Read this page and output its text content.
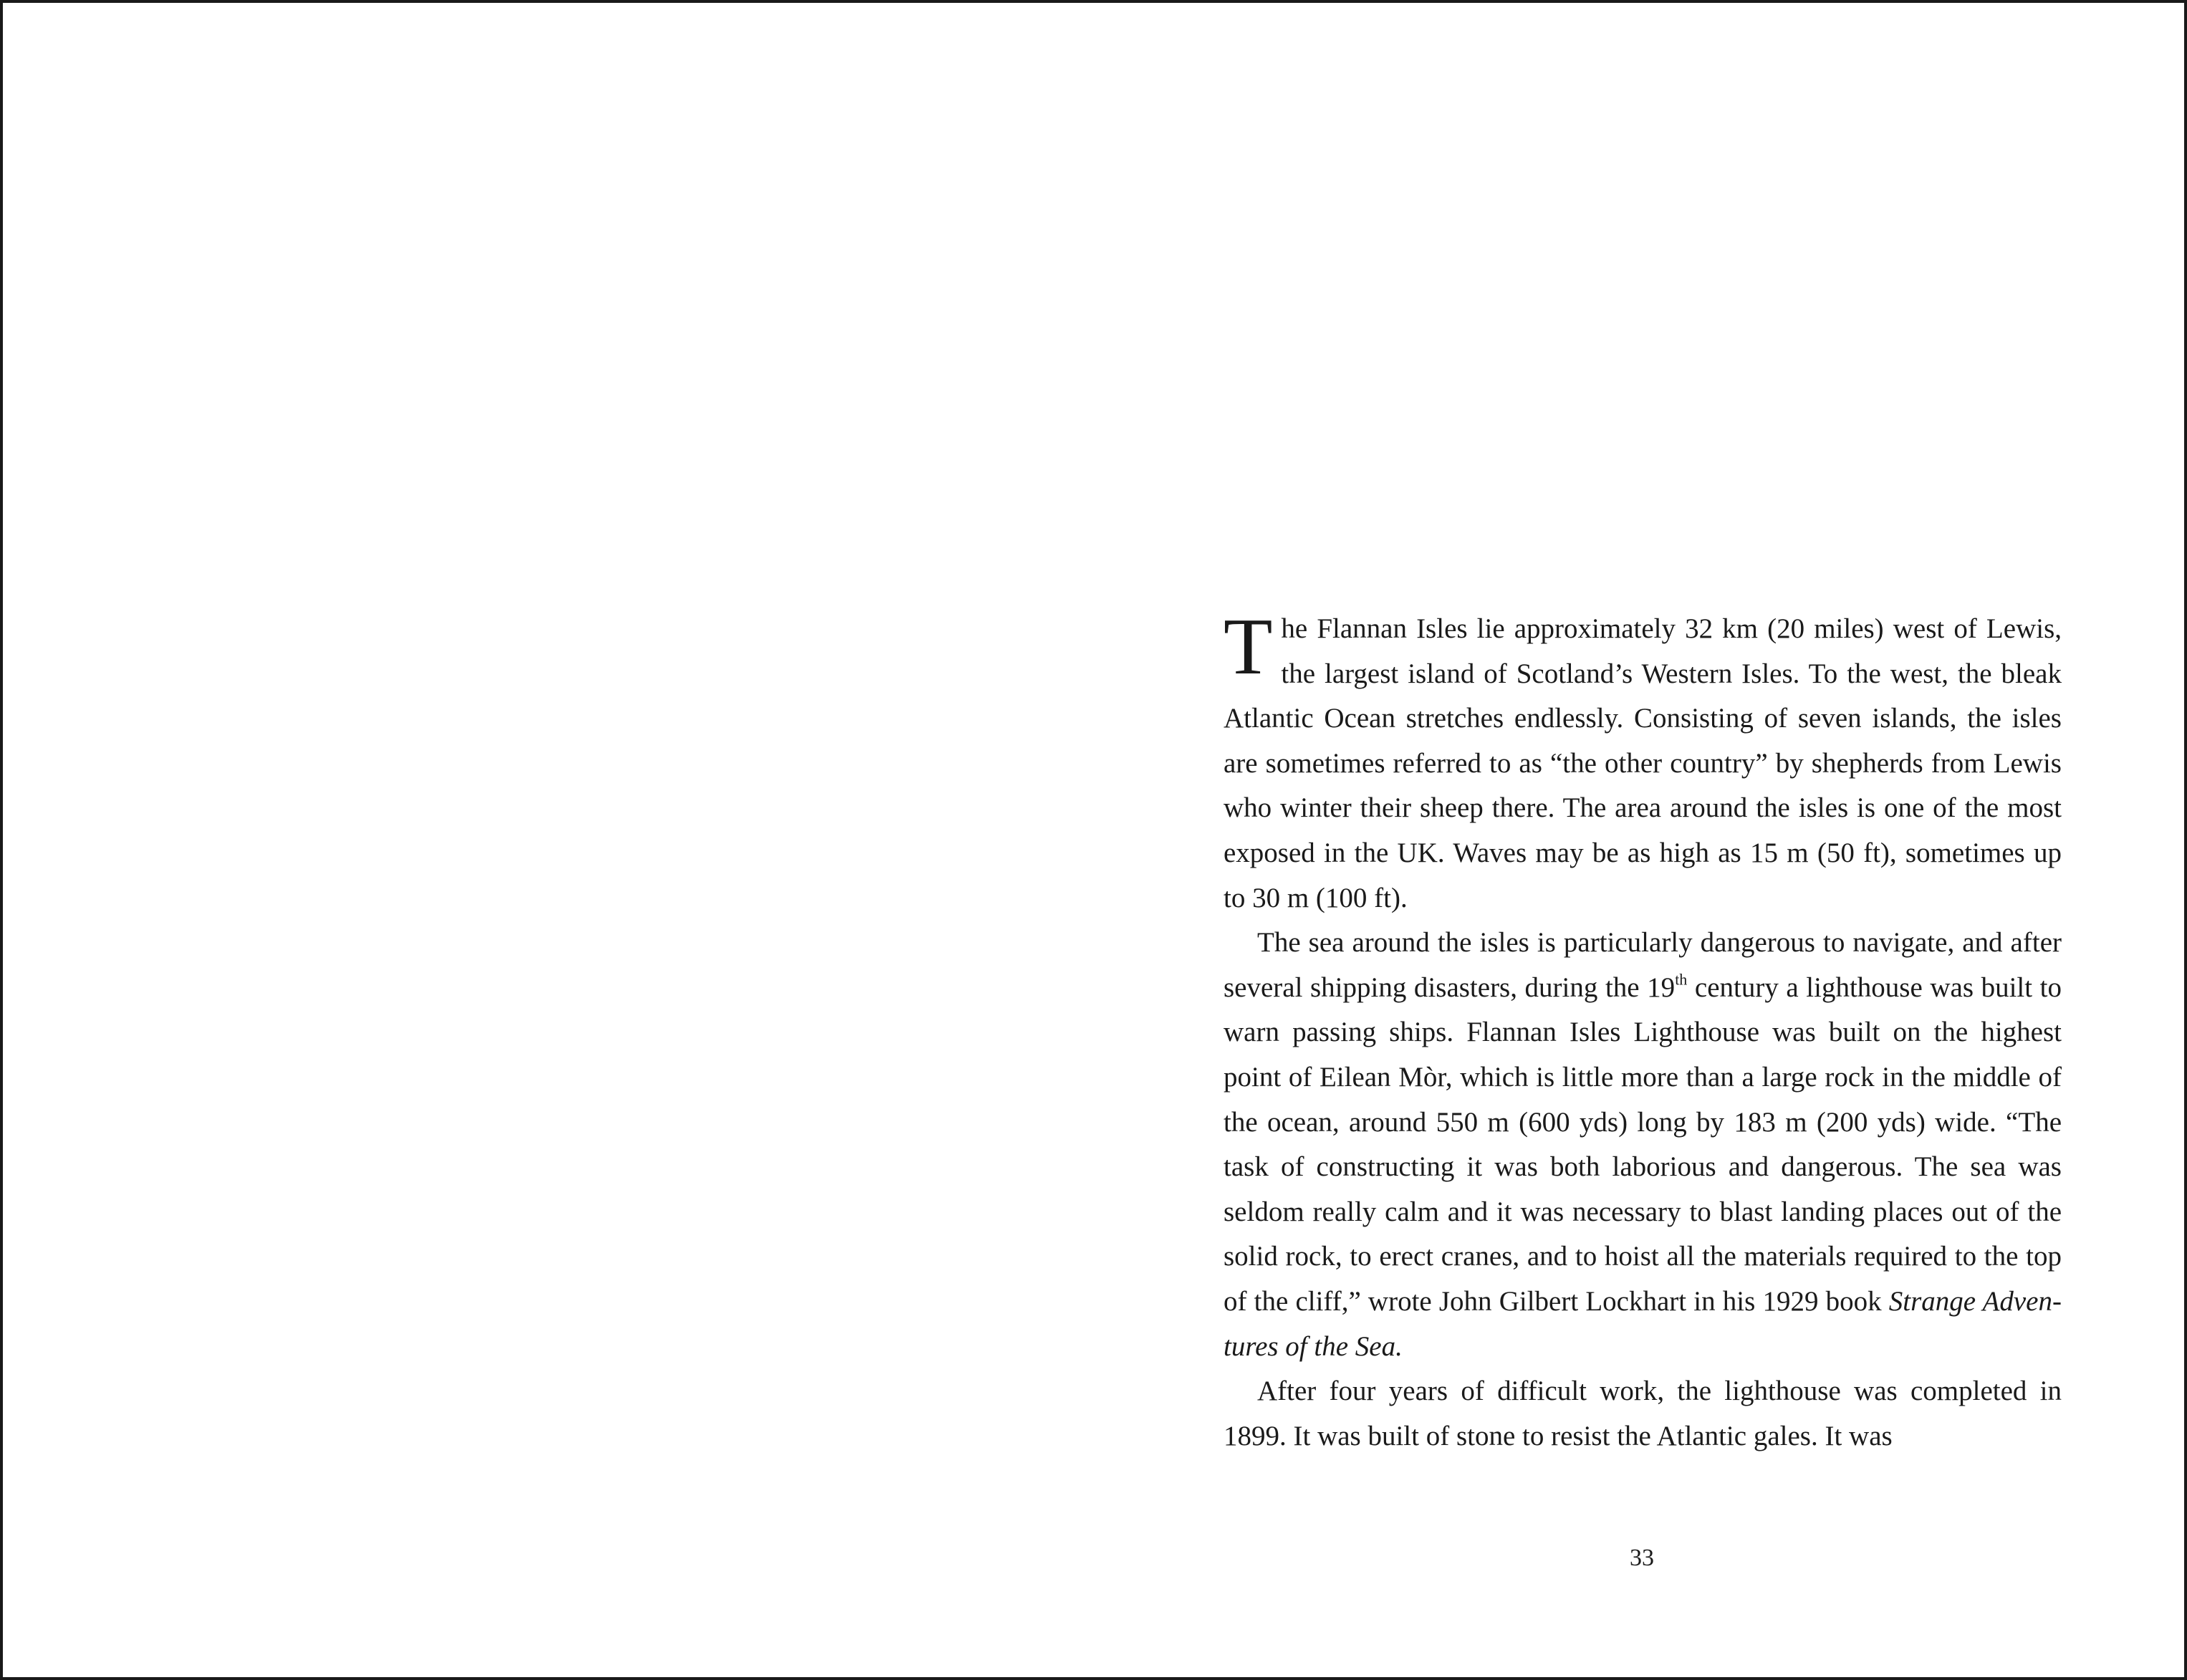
The Flannan Isles lie approximately 32 km (20 miles) west of Lewis, the largest island of Scotland’s Western Isles. To the west, the bleak Atlantic Ocean stretches endlessly. Consisting of seven islands, the isles are sometimes referred to as “the other country” by shepherds from Lewis who winter their sheep there. The area around the isles is one of the most exposed in the UK. Waves may be as high as 15 m (50 ft), sometimes up to 30 m (100 ft).

The sea around the isles is particularly dangerous to navigate, and after several shipping disasters, during the 19th century a lighthouse was built to warn passing ships. Flannan Isles Lighthouse was built on the highest point of Eilean Mòr, which is little more than a large rock in the middle of the ocean, around 550 m (600 yds) long by 183 m (200 yds) wide. “The task of constructing it was both laborious and dangerous. The sea was seldom really calm and it was necessary to blast landing places out of the solid rock, to erect cranes, and to hoist all the materials required to the top of the cliff,” wrote John Gilbert Lockhart in his 1929 book Strange Adventures of the Sea.

After four years of difficult work, the lighthouse was completed in 1899. It was built of stone to resist the Atlantic gales. It was

33
